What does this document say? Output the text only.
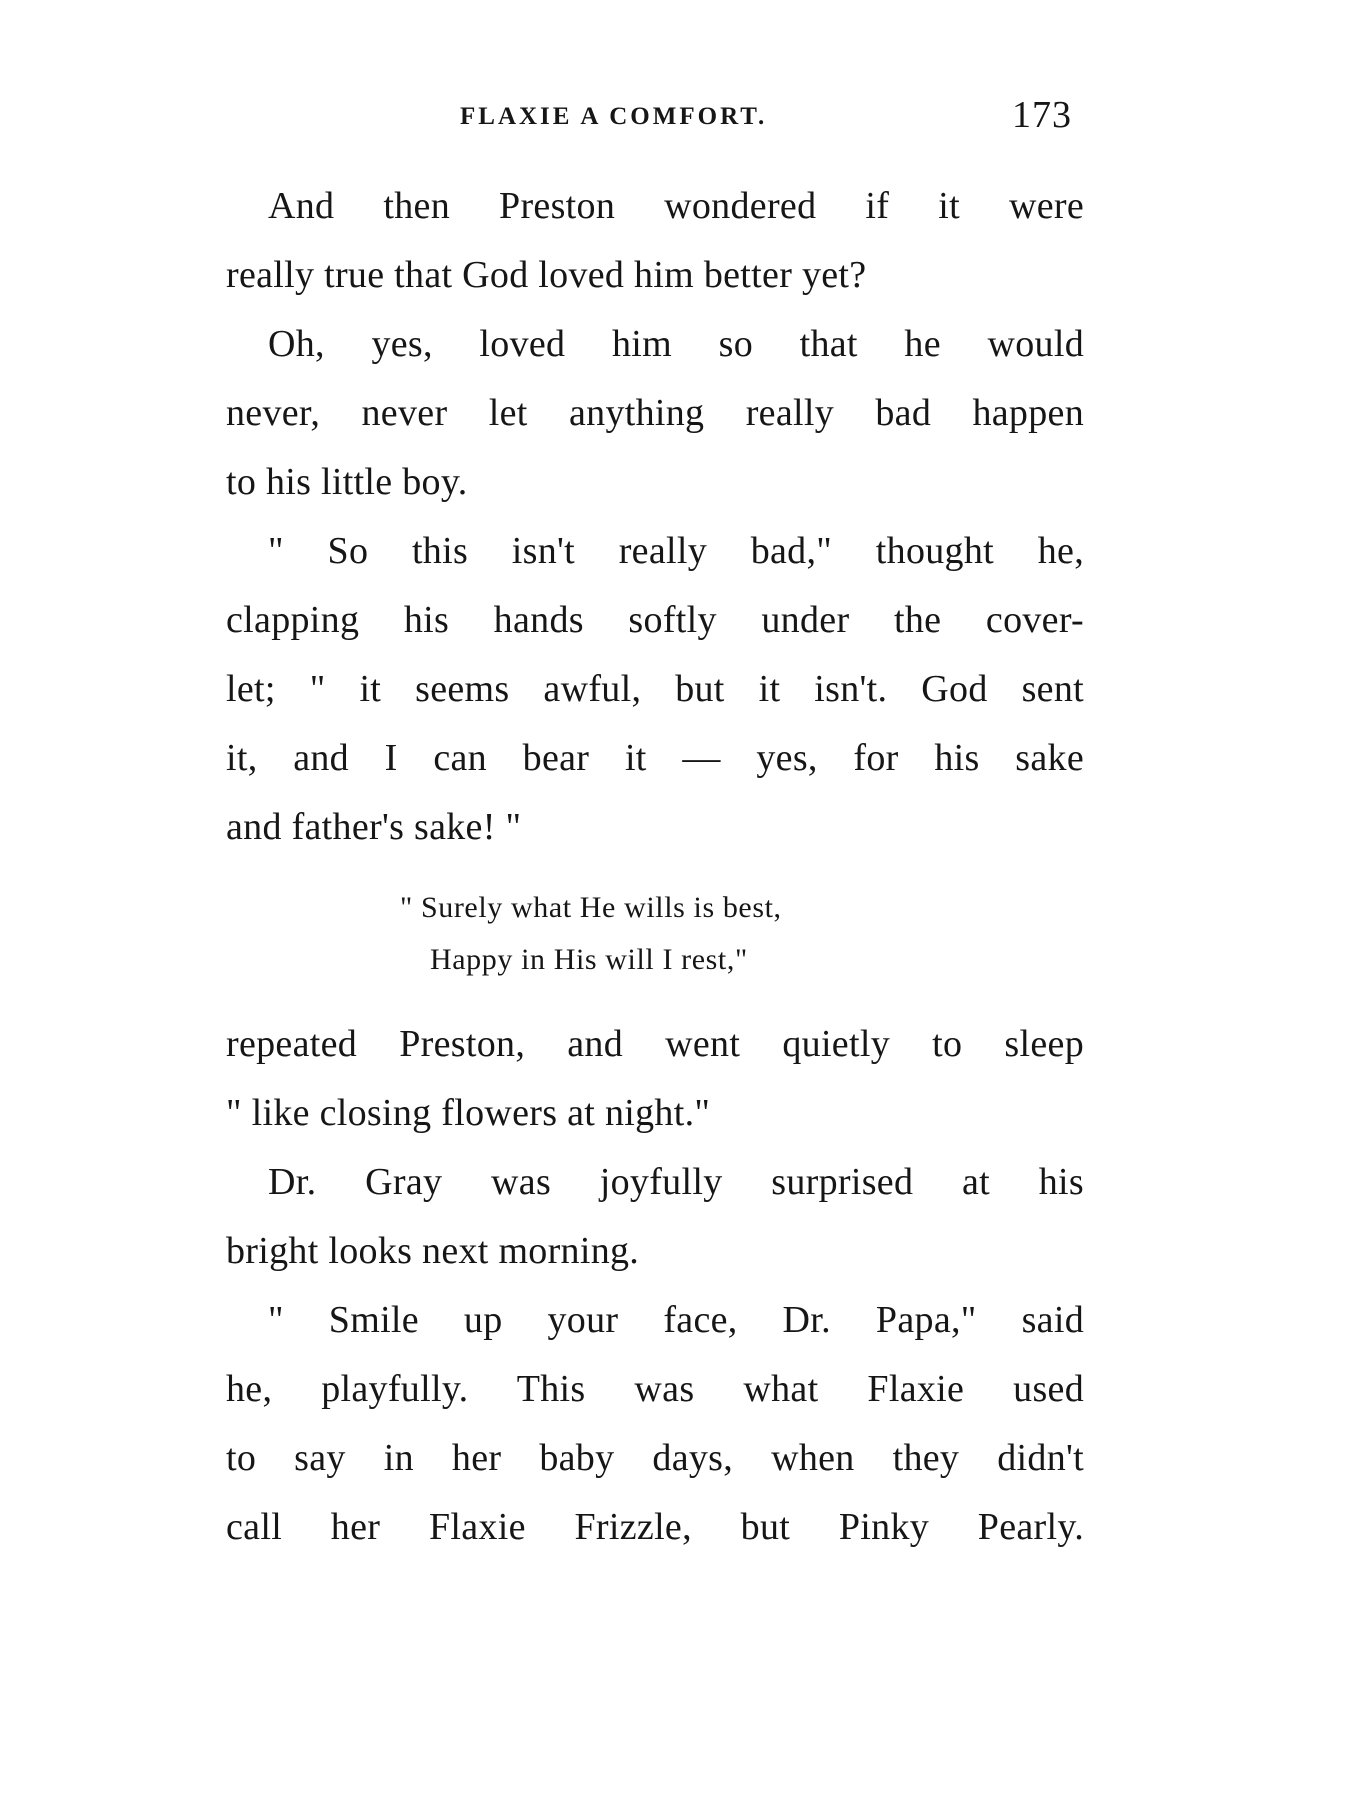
FLAXIE A COMFORT.	173
And then Preston wondered if it were
really true that God loved him better yet?
Oh, yes, loved him so that he would
never, never let anything really bad happen
to his little boy.
" So this isn't really bad," thought he,
clapping his hands softly under the cover-
let; " it seems awful, but it isn't. God sent
it, and I can bear it — yes, for his sake
and father's sake! "
" Surely what He wills is best,
Happy in His will I rest,"
repeated Preston, and went quietly to sleep
" like closing flowers at night."
Dr. Gray was joyfully surprised at his
bright looks next morning.
" Smile up your face, Dr. Papa," said
he, playfully. This was what Flaxie used
to say in her baby days, when they didn't
call her Flaxie Frizzle, but Pinky Pearly.
